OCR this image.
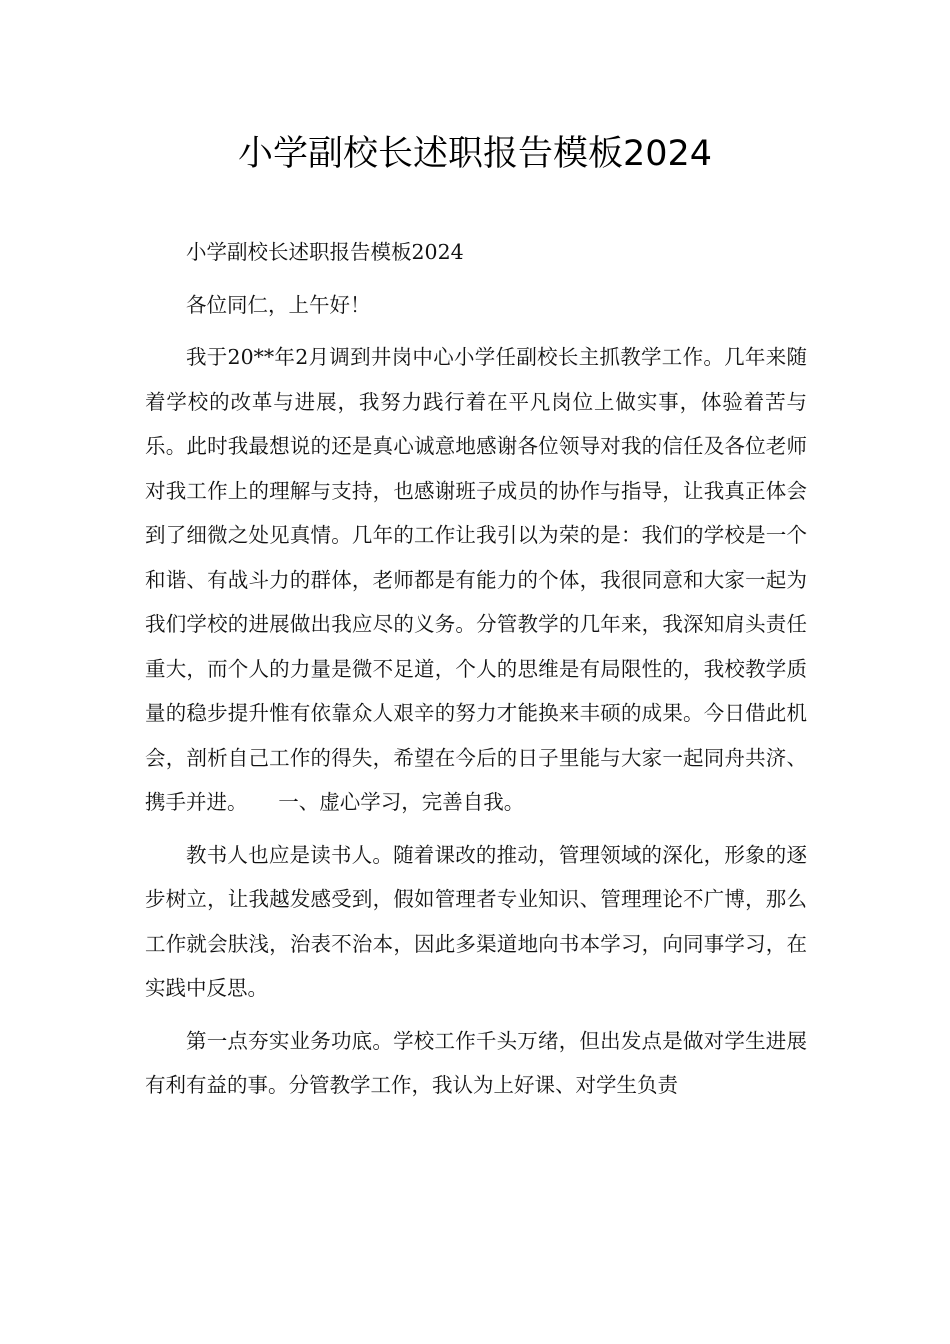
小学副校长述职报告模板2024

小学副校长述职报告模板2024

各位同仁，上午好！

我于20**年2月调到井岗中心小学任副校长主抓教学工作。几年来随着学校的改革与进展，我努力践行着在平凡岗位上做实事，体验着苦与乐。此时我最想说的还是真心诚意地感谢各位领导对我的信任及各位老师对我工作上的理解与支持，也感谢班子成员的协作与指导，让我真正体会到了细微之处见真情。几年的工作让我引以为荣的是：我们的学校是一个和谐、有战斗力的群体，老师都是有能力的个体，我很同意和大家一起为我们学校的进展做出我应尽的义务。分管教学的几年来，我深知肩头责任重大，而个人的力量是微不足道，个人的思维是有局限性的，我校教学质量的稳步提升惟有依靠众人艰辛的努力才能换来丰硕的成果。今日借此机会，剖析自己工作的得失，希望在今后的日子里能与大家一起同舟共济、携手并进。　　一、虚心学习，完善自我。

教书人也应是读书人。随着课改的推动，管理领域的深化，形象的逐步树立，让我越发感受到，假如管理者专业知识、管理理论不广博，那么工作就会肤浅，治表不治本，因此多渠道地向书本学习，向同事学习，在实践中反思。

第一点夯实业务功底。学校工作千头万绪，但出发点是做对学生进展有利有益的事。分管教学工作，我认为上好课、对学生负责
